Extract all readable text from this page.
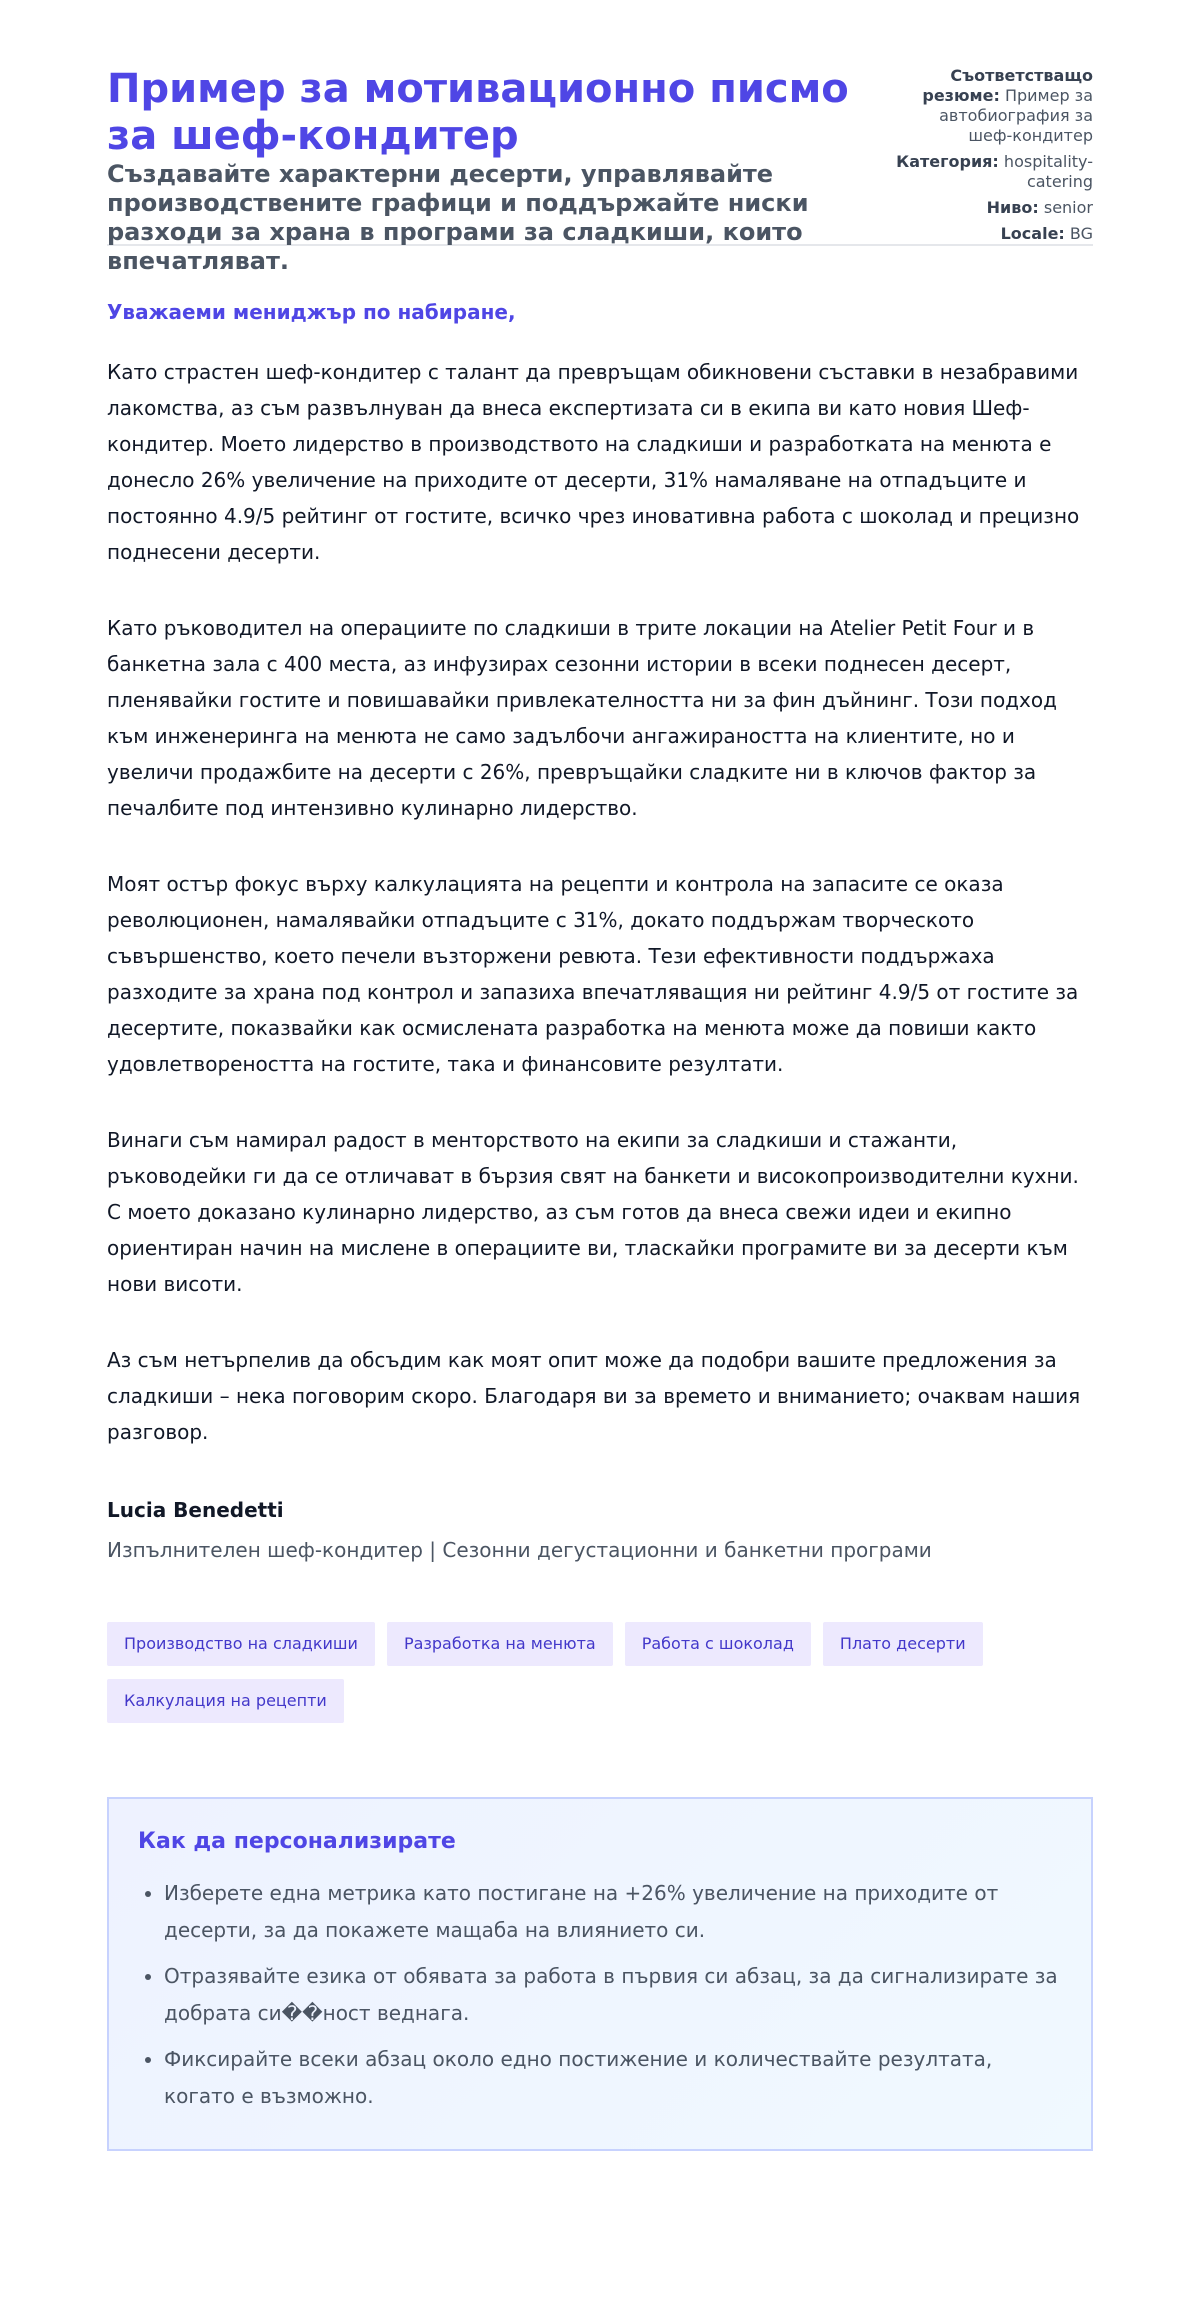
Пример за мотивационно писмо за шеф-кондитер
Създавайте характерни десерти, управлявайте производствените графици и поддържайте ниски разходи за храна в програми за сладкиши, които впечатляват.
Съответстващо резюме: Пример за автобиография за шеф-кондитер
Категория: hospitality-catering
Ниво: senior
Locale: BG

Уважаеми мениджър по набиране,

Като страстен шеф-кондитер с талант да превръщам обикновени съставки в незабравими лакомства, аз съм развълнуван да внеса експертизата си в екипа ви като новия Шеф-кондитер. Моето лидерство в производството на сладкиши и разработката на менюта е донесло 26% увеличение на приходите от десерти, 31% намаляване на отпадъците и постоянно 4.9/5 рейтинг от гостите, всичко чрез иновативна работа с шоколад и прецизно поднесени десерти.

Като ръководител на операциите по сладкиши в трите локации на Atelier Petit Four и в банкетна зала с 400 места, аз инфузирах сезонни истории в всеки поднесен десерт, пленявайки гостите и повишавайки привлекателността ни за фин дъйнинг. Този подход към инженеринга на менюта не само задълбочи ангажираността на клиентите, но и увеличи продажбите на десерти с 26%, превръщайки сладките ни в ключов фактор за печалбите под интензивно кулинарно лидерство.

Моят остър фокус върху калкулацията на рецепти и контрола на запасите се оказа революционен, намалявайки отпадъците с 31%, докато поддържам творческото съвършенство, което печели възторжени ревюта. Тези ефективности поддържаха разходите за храна под контрол и запазиха впечатляващия ни рейтинг 4.9/5 от гостите за десертите, показвайки как осмислената разработка на менюта може да повиши както удовлетвореността на гостите, така и финансовите резултати.

Винаги съм намирал радост в менторството на екипи за сладкиши и стажанти, ръководейки ги да се отличават в бързия свят на банкети и високопроизводителни кухни. С моето доказано кулинарно лидерство, аз съм готов да внеса свежи идеи и екипно ориентиран начин на мислене в операциите ви, тласкайки програмите ви за десерти към нови висоти.

Аз съм нетърпелив да обсъдим как моят опит може да подобри вашите предложения за сладкиши – нека поговорим скоро. Благодаря ви за времето и вниманието; очаквам нашия разговор.

Lucia Benedetti

Изпълнителен шеф-кондитер | Сезонни дегустационни и банкетни програми

Производство на сладкиши	Разработка на менюта	Работа с шоколад	Плато десерти
Калкулация на рецепти
Как да персонализирате
• Изберете една метрика като постигане на +26% увеличение на приходите от десерти, за да покажете мащаба на влиянието си.
• Отразявайте езика от обявата за работа в първия си абзац, за да сигнализирате за добрата си��ност веднага.
• Фиксирайте всеки абзац около едно постижение и количествайте резултата, когато е възможно.
